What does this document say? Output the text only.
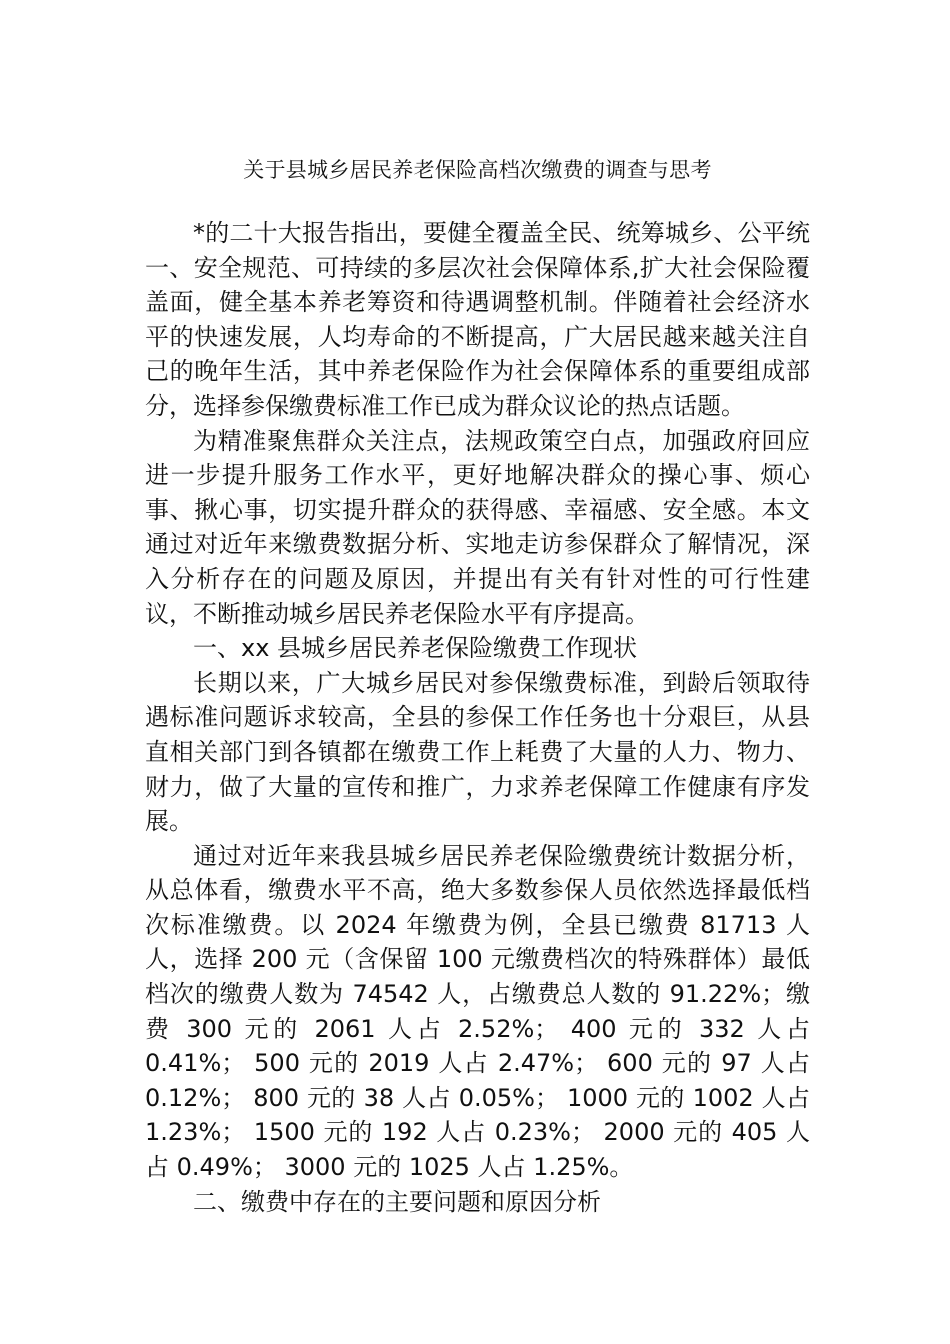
关于县城乡居民养老保险高档次缴费的调查与思考

*的二十大报告指出，要健全覆盖全民、统筹城乡、公平统一、安全规范、可持续的多层次社会保障体系,扩大社会保险覆盖面，健全基本养老筹资和待遇调整机制。伴随着社会经济水平的快速发展，人均寿命的不断提高，广大居民越来越关注自己的晚年生活，其中养老保险作为社会保障体系的重要组成部分，选择参保缴费标准工作已成为群众议论的热点话题。

为精准聚焦群众关注点，法规政策空白点，加强政府回应进一步提升服务工作水平，更好地解决群众的操心事、烦心事、揪心事，切实提升群众的获得感、幸福感、安全感。本文通过对近年来缴费数据分析、实地走访参保群众了解情况，深入分析存在的问题及原因，并提出有关有针对性的可行性建议，不断推动城乡居民养老保险水平有序提高。

一、xx 县城乡居民养老保险缴费工作现状

长期以来，广大城乡居民对参保缴费标准，到龄后领取待遇标准问题诉求较高，全县的参保工作任务也十分艰巨，从县直相关部门到各镇都在缴费工作上耗费了大量的人力、物力、财力，做了大量的宣传和推广，力求养老保障工作健康有序发展。

通过对近年来我县城乡居民养老保险缴费统计数据分析，从总体看，缴费水平不高，绝大多数参保人员依然选择最低档次标准缴费。以 2024 年缴费为例，全县已缴费 81713 人人，选择 200 元（含保留 100 元缴费档次的特殊群体）最低档次的缴费人数为 74542 人，占缴费总人数的 91.22%；缴费 300 元的 2061 人占 2.52%； 400 元的 332 人占 0.41%； 500 元的 2019 人占 2.47%； 600 元的 97 人占 0.12%； 800 元的 38 人占 0.05%； 1000 元的 1002 人占 1.23%； 1500 元的 192 人占 0.23%； 2000 元的 405 人占 0.49%； 3000 元的 1025 人占 1.25%。

二、缴费中存在的主要问题和原因分析
